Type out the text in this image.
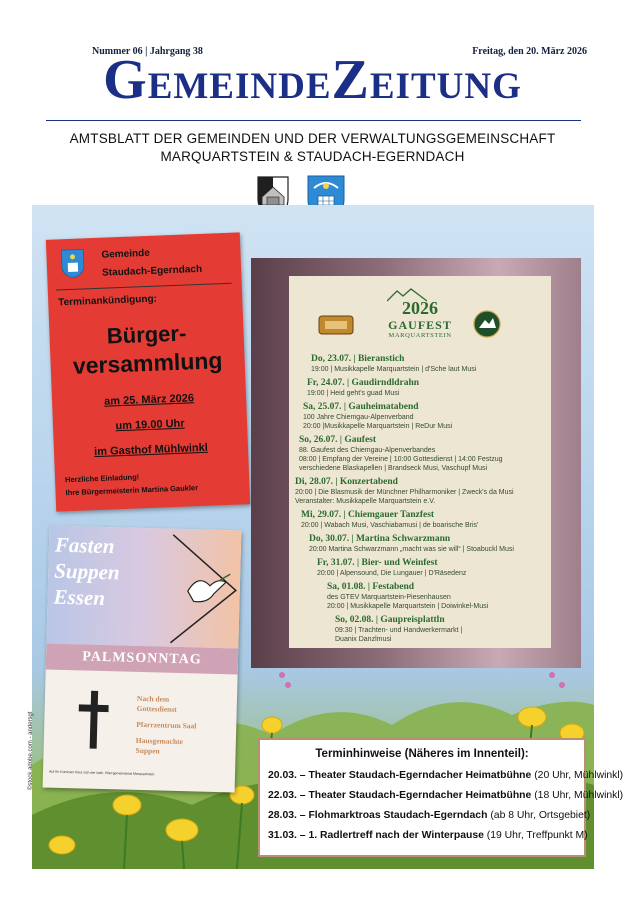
Nummer 06 | Jahrgang 38	Freitag, den 20. März 2026
GEMEINDEZEITUNG
AMTSBLATT DER GEMEINDEN UND DER VERWALTUNGSGEMEINSCHAFT
MARQUARTSTEIN & STAUDACH-EGERNDACH
Gemeinde
Staudach-Egerndach
Terminankündigung:
Bürger-
versammlung
am 25. März 2026
um 19.00 Uhr
im Gasthof Mühlwinkl
Herzliche Einladung!
Ihre Bürgermeisterin Martina Gaukler
Fasten
Suppen
Essen
PALMSONNTAG
Nach dem
Gottesdienst
Pfarrzentrum Saal
Hausgemachte
Suppen
Auf Ihr Kommen freut sich der kath. Pfarrgemeinderat Marquartstein
2026
GAUFEST
MARQUARTSTEIN
Do, 23.07. | Bieranstich
19:00 | Musikkapelle Marquartstein | d'Sche laut Musi
Fr, 24.07. | Gaudirndldrahn
19:00 | Heid geht's guad Musi
Sa, 25.07. | Gauheimatabend
100 Jahre Chiemgau-Alpenverband
20:00 |Musikkapelle Marquartstein | ReDur Musi
So, 26.07. | Gaufest
88. Gaufest des Chiemgau-Alpenverbandes
08:00 | Empfang der Vereine | 10:00 Gottesdienst | 14:00 Festzug
verschiedene Blaskapellen | Brandseck Musi, Vaschupf Musi
Di, 28.07. | Konzertabend
20:00 | Die Blasmusik der Münchner Philharmoniker | Zweck's da Musi
Veranstalter: Musikkapelle Marquartstein e.V.
Mi, 29.07. | Chiemgauer Tanzfest
20:00 | Wabach Musi, Vaschiabamusi | de boarische Bris'
Do, 30.07. | Martina Schwarzmann
20:00 Martina Schwarzmann „macht was sie will“ | Stoabuckl Musi
Fr, 31.07. | Bier- und Weinfest
20:00 | Alpensound, Die Lungauer | D'Räsedenz
Sa, 01.08. | Festabend
des GTEV Marquartstein-Piesenhausen
20:00 | Musikkapelle Marquartstein | Doiwinkel-Musi
So, 02.08. | Gaupreisplattln
09:30 | Trachten- und Handwerkermarkt |
Duanix Danzlmusi
Terminhinweise (Näheres im Innenteil):
20.03. – Theater Staudach-Egerndacher Heimatbühne (20 Uhr, Mühlwinkl)
22.03. – Theater Staudach-Egerndacher Heimatbühne (18 Uhr, Mühlwinkl)
28.03. – Flohmarktroas Staudach-Egerndach (ab 8 Uhr, Ortsgebiet)
31.03. – 1. Radlertreff nach der Winterpause (19 Uhr, Treffpunkt M)
©stock.adobe.com - andersgt
